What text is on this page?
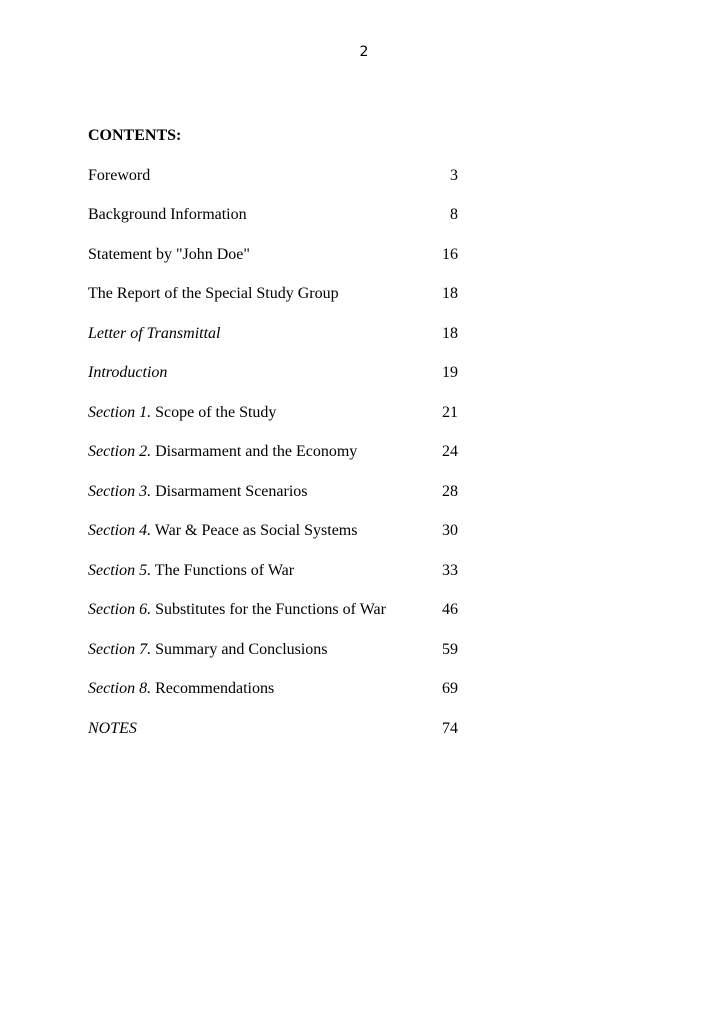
2
CONTENTS:
Foreword	3
Background Information	8
Statement by "John Doe"	16
The Report of the Special Study Group	18
Letter of Transmittal	18
Introduction	19
Section 1. Scope of the Study	21
Section 2. Disarmament and the Economy	24
Section 3. Disarmament Scenarios	28
Section 4. War & Peace as Social Systems	30
Section 5. The Functions of War	33
Section 6. Substitutes for the Functions of War	46
Section 7. Summary and Conclusions	59
Section 8. Recommendations	69
NOTES	74
